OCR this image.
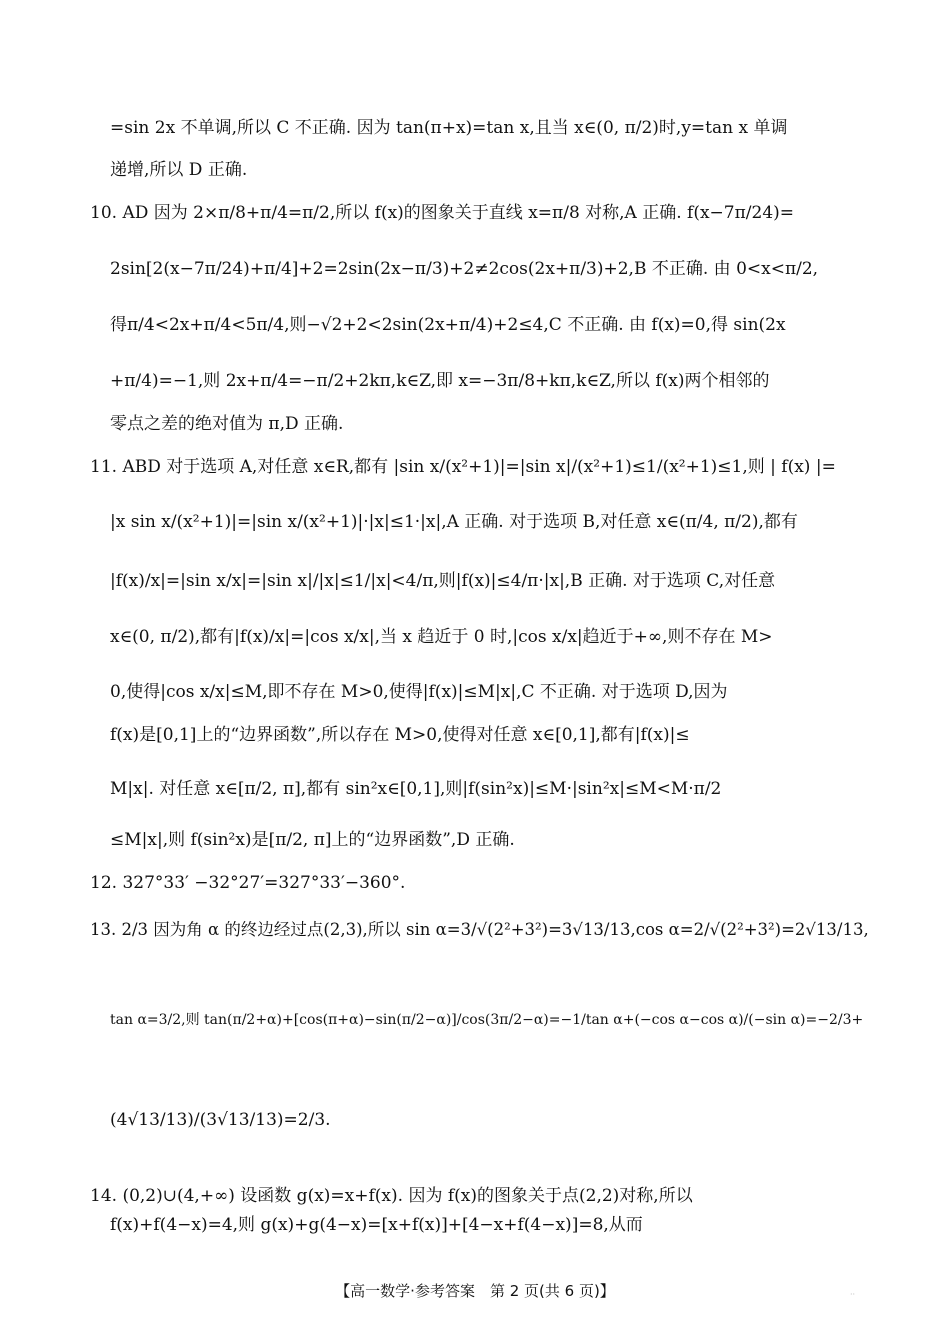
=sin 2x 不单调,所以 C 不正确. 因为 tan(π+x)=tan x,且当 x∈(0, π/2)时,y=tan x 单调
递增,所以 D 正确.
10. AD 因为 2×π/8+π/4=π/2,所以 f(x)的图象关于直线 x=π/8 对称,A 正确. f(x−7π/24)=
2sin[2(x−7π/24)+π/4]+2=2sin(2x−π/3)+2≠2cos(2x+π/3)+2,B 不正确. 由 0<x<π/2,
得π/4<2x+π/4<5π/4,则−√2+2<2sin(2x+π/4)+2≤4,C 不正确. 由 f(x)=0,得 sin(2x
+π/4)=−1,则 2x+π/4=−π/2+2kπ,k∈Z,即 x=−3π/8+kπ,k∈Z,所以 f(x)两个相邻的
零点之差的绝对值为 π,D 正确.
11. ABD 对于选项 A,对任意 x∈R,都有 |sin x/(x²+1)|=|sin x|/(x²+1)≤1/(x²+1)≤1,则 | f(x) |=
|x sin x/(x²+1)|=|sin x/(x²+1)|·|x|≤1·|x|,A 正确. 对于选项 B,对任意 x∈(π/4, π/2),都有
|f(x)/x|=|sin x/x|=|sin x|/|x|≤1/|x|<4/π,则|f(x)|≤4/π·|x|,B 正确. 对于选项 C,对任意
x∈(0, π/2),都有|f(x)/x|=|cos x/x|,当 x 趋近于 0 时,|cos x/x|趋近于+∞,则不存在 M>
0,使得|cos x/x|≤M,即不存在 M>0,使得|f(x)|≤M|x|,C 不正确. 对于选项 D,因为
f(x)是[0,1]上的“边界函数”,所以存在 M>0,使得对任意 x∈[0,1],都有|f(x)|≤
M|x|. 对任意 x∈[π/2, π],都有 sin²x∈[0,1],则|f(sin²x)|≤M·|sin²x|≤M<M·π/2
≤M|x|,则 f(sin²x)是[π/2, π]上的“边界函数”,D 正确.
12. 327°33′ −32°27′=327°33′−360°.
13. 2/3 因为角 α 的终边经过点(2,3),所以 sin α=3/√(2²+3²)=3√13/13,cos α=2/√(2²+3²)=2√13/13,
tan α=3/2,则 tan(π/2+α)+[cos(π+α)−sin(π/2−α)]/cos(3π/2−α)=−1/tan α+(−cos α−cos α)/(−sin α)=−2/3+
(4√13/13)/(3√13/13)=2/3.
14. (0,2)∪(4,+∞) 设函数 g(x)=x+f(x). 因为 f(x)的图象关于点(2,2)对称,所以
f(x)+f(4−x)=4,则 g(x)+g(4−x)=[x+f(x)]+[4−x+f(4−x)]=8,从而
【高一数学·参考答案　第 2 页(共 6 页)】	··
